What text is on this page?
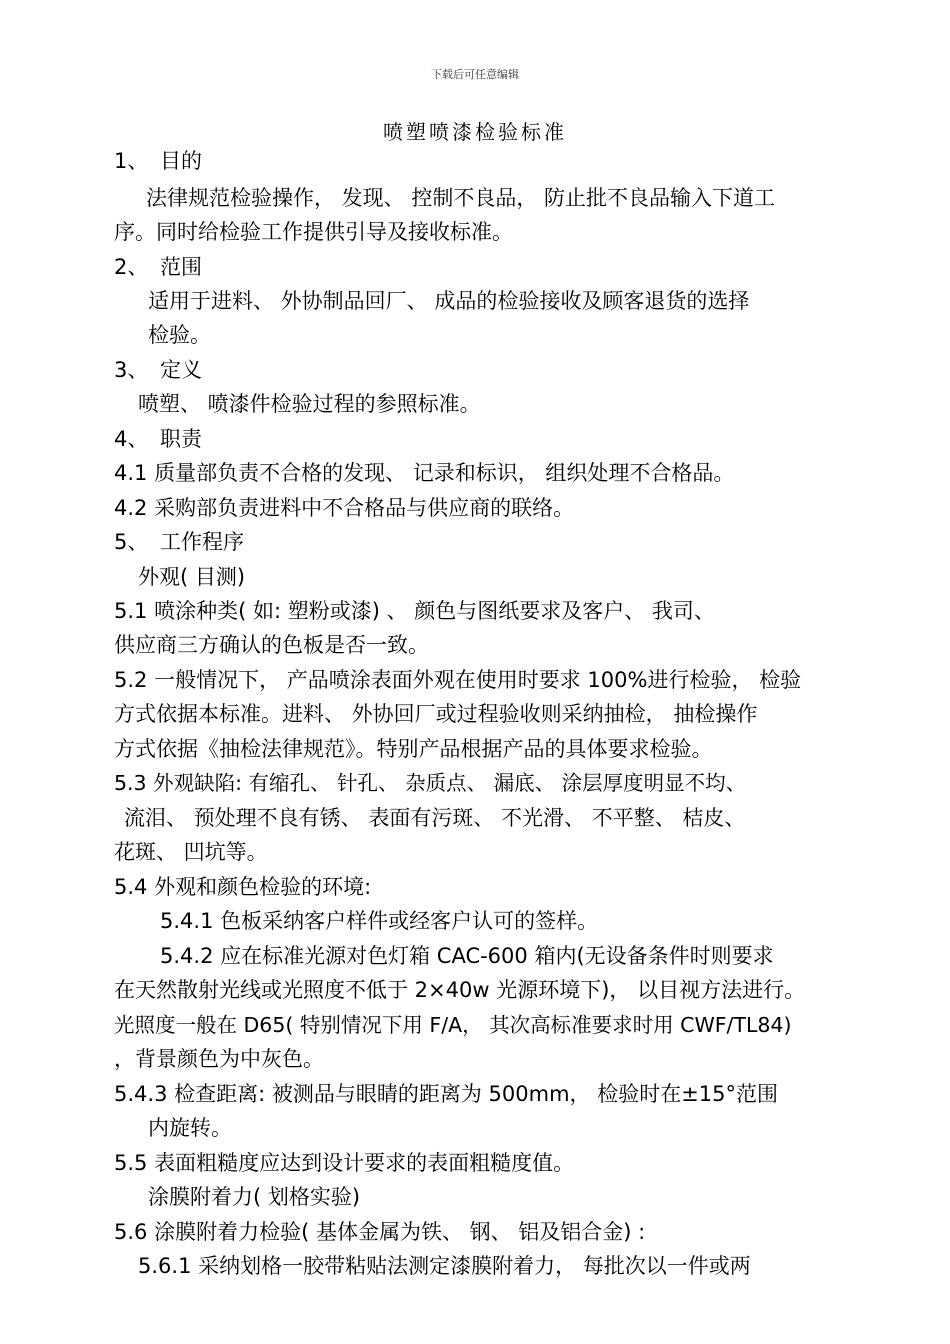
下载后可任意编辑
喷塑喷漆检验标准
1、 目的
法律规范检验操作， 发现、 控制不良品， 防止批不良品输入下道工
序。同时给检验工作提供引导及接收标准。
2、 范围
适用于进料、 外协制品回厂、 成品的检验接收及顾客退货的选择
检验。
3、 定义
喷塑、 喷漆件检验过程的参照标准。
4、 职责
4.1 质量部负责不合格的发现、 记录和标识， 组织处理不合格品。
4.2 采购部负责进料中不合格品与供应商的联络。
5、 工作程序
外观( 目测)
5.1 喷涂种类( 如: 塑粉或漆) 、 颜色与图纸要求及客户、 我司、
供应商三方确认的色板是否一致。
5.2 一般情况下， 产品喷涂表面外观在使用时要求 100%进行检验， 检验
方式依据本标准。进料、 外协回厂或过程验收则采纳抽检， 抽检操作
方式依据《抽检法律规范》。特别产品根据产品的具体要求检验。
5.3 外观缺陷: 有缩孔、 针孔、 杂质点、 漏底、 涂层厚度明显不均、
流泪、 预处理不良有锈、 表面有污斑、 不光滑、 不平整、 桔皮、
花斑、 凹坑等。
5.4 外观和颜色检验的环境:
5.4.1 色板采纳客户样件或经客户认可的签样。
5.4.2 应在标准光源对色灯箱 CAC-600 箱内(无设备条件时则要求
在天然散射光线或光照度不低于 2×40w 光源环境下)， 以目视方法进行。
光照度一般在 D65( 特别情况下用 F/A， 其次高标准要求时用 CWF/TL84)
，背景颜色为中灰色。
5.4.3 检查距离: 被测品与眼睛的距离为 500mm， 检验时在±15°范围
内旋转。
5.5 表面粗糙度应达到设计要求的表面粗糙度值。
涂膜附着力( 划格实验)
5.6 涂膜附着力检验( 基体金属为铁、 钢、 铝及铝合金) :
5.6.1 采纳划格一胶带粘贴法测定漆膜附着力， 每批次以一件或两
